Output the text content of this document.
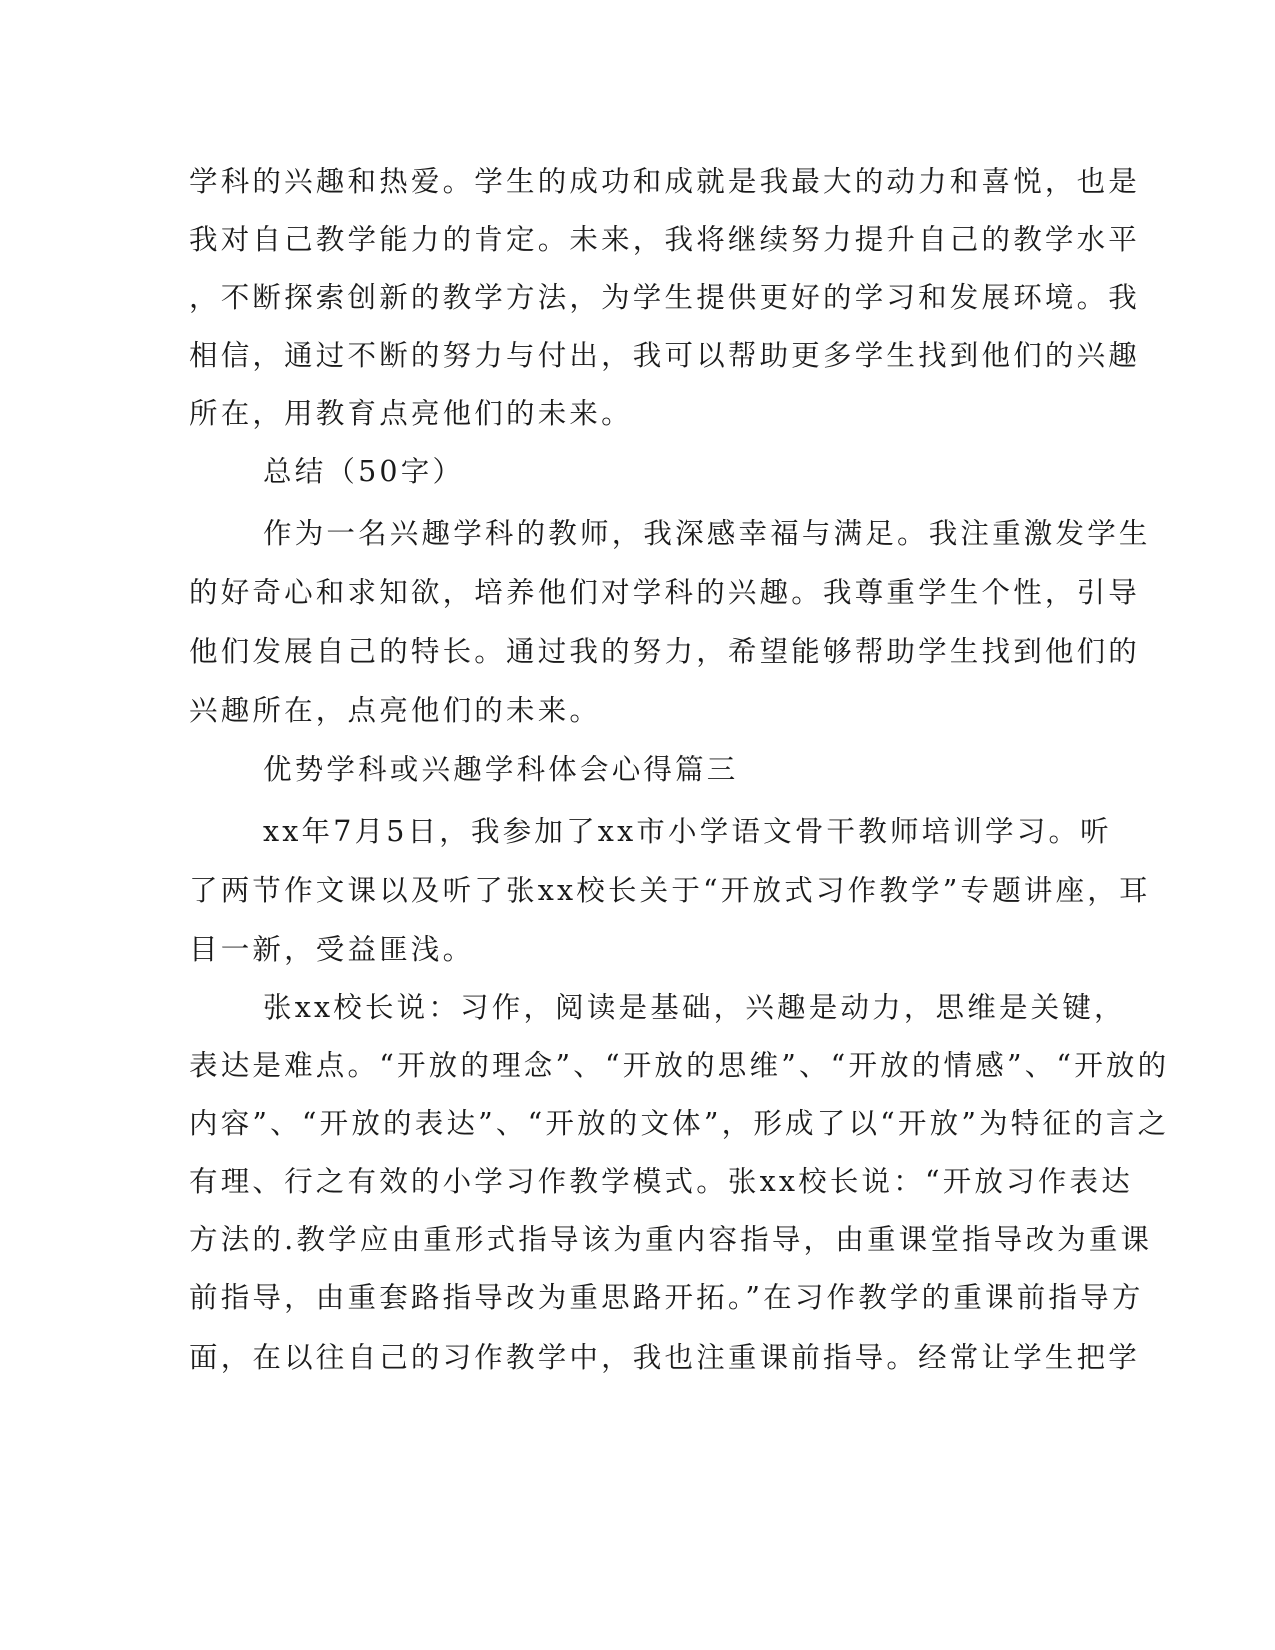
学科的兴趣和热爱。学生的成功和成就是我最大的动力和喜悦，也是
我对自己教学能力的肯定。未来，我将继续努力提升自己的教学水平
，不断探索创新的教学方法，为学生提供更好的学习和发展环境。我
相信，通过不断的努力与付出，我可以帮助更多学生找到他们的兴趣
所在，用教育点亮他们的未来。
总结（50字）
作为一名兴趣学科的教师，我深感幸福与满足。我注重激发学生
的好奇心和求知欲，培养他们对学科的兴趣。我尊重学生个性，引导
他们发展自己的特长。通过我的努力，希望能够帮助学生找到他们的
兴趣所在，点亮他们的未来。
优势学科或兴趣学科体会心得篇三
xx年7月5日，我参加了xx市小学语文骨干教师培训学习。听
了两节作文课以及听了张xx校长关于“开放式习作教学”专题讲座，耳
目一新，受益匪浅。
张xx校长说：习作，阅读是基础，兴趣是动力，思维是关键，
表达是难点。“开放的理念”、“开放的思维”、“开放的情感”、“开放的
内容”、“开放的表达”、“开放的文体”，形成了以“开放”为特征的言之
有理、行之有效的小学习作教学模式。张xx校长说：“开放习作表达
方法的.教学应由重形式指导该为重内容指导，由重课堂指导改为重课
前指导，由重套路指导改为重思路开拓。”在习作教学的重课前指导方
面，在以往自己的习作教学中，我也注重课前指导。经常让学生把学
